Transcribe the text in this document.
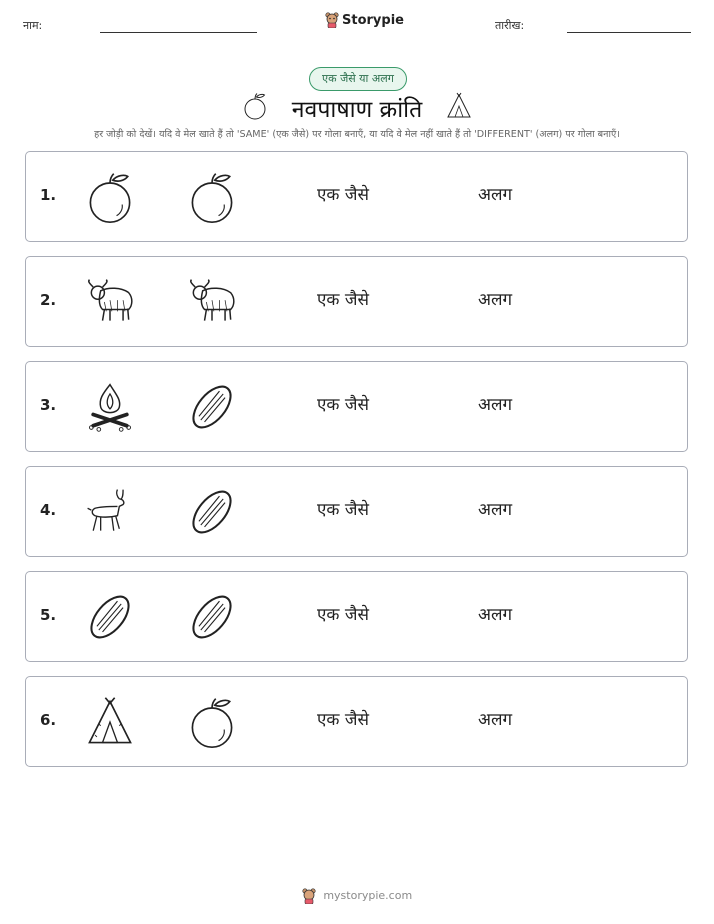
नाम:	तारीख:
Storypie
एक जैसे या अलग
नवपाषाण क्रांति
हर जोड़ी को देखें। यदि वे मेल खाते हैं तो 'SAME' (एक जैसे) पर गोला बनाएँ, या यदि वे मेल नहीं खाते हैं तो 'DIFFERENT' (अलग) पर गोला बनाएँ।
1.	एक जैसे	अलग
2.	एक जैसे	अलग
3.	एक जैसे	अलग
4.	एक जैसे	अलग
5.	एक जैसे	अलग
6.	एक जैसे	अलग
mystorypie.com
